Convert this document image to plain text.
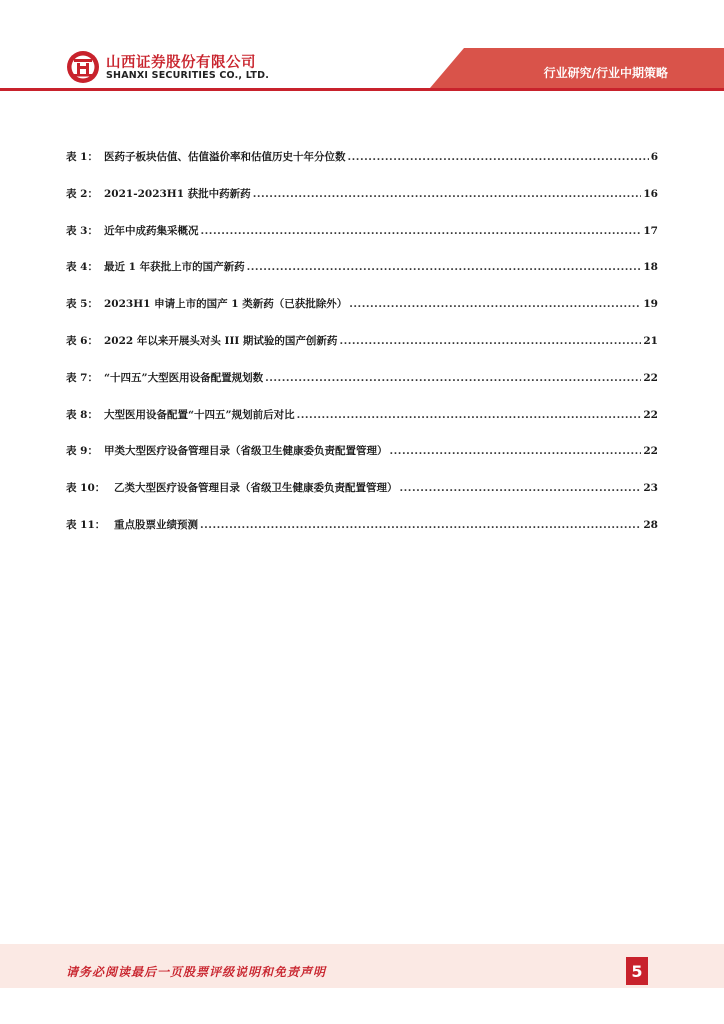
山西证券股份有限公司
SHANXI SECURITIES CO., LTD.	行业研究/行业中期策略
表 1： 医药子板块估值、估值溢价率和估值历史十年分位数 .....	6
表 2： 2021-2023H1 获批中药新药 .....	16
表 3： 近年中成药集采概况 .....	17
表 4： 最近 1 年获批上市的国产新药 .....	18
表 5： 2023H1 申请上市的国产 1 类新药（已获批除外） .....	19
表 6： 2022 年以来开展头对头 III 期试验的国产创新药 .....	21
表 7： “十四五”大型医用设备配置规划数 .....	22
表 8： 大型医用设备配置“十四五”规划前后对比 .....	22
表 9： 甲类大型医疗设备管理目录（省级卫生健康委负责配置管理） .....	22
表 10： 乙类大型医疗设备管理目录（省级卫生健康委负责配置管理） .....	23
表 11： 重点股票业绩预测 .....	28
请务必阅读最后一页股票评级说明和免责声明	5
